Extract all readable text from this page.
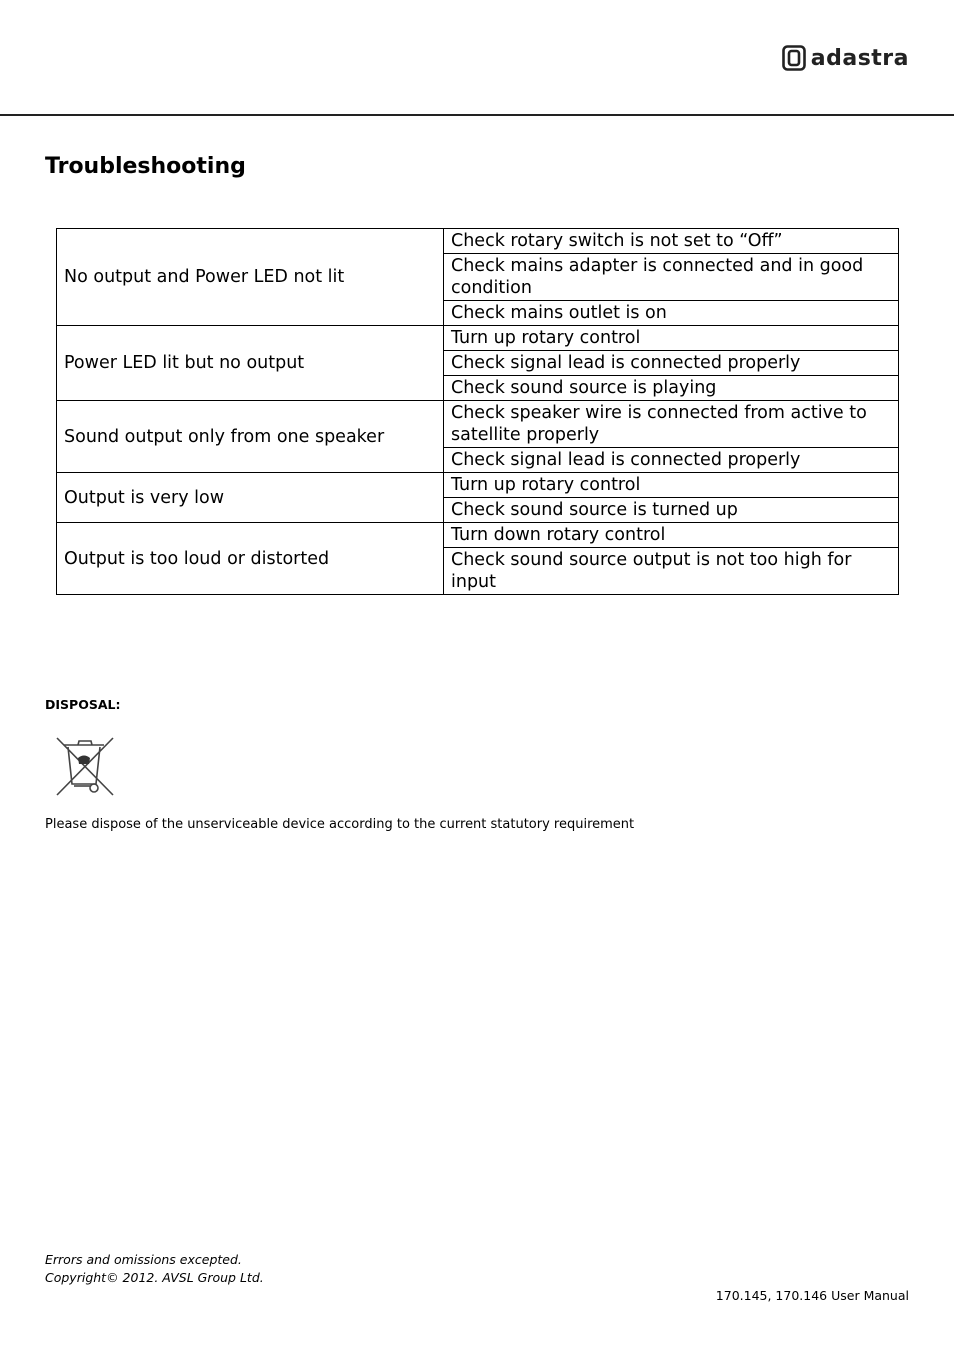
adastra
Troubleshooting
No output and Power LED not lit	Check rotary switch is not set to “Off”
	Check mains adapter is connected and in good condition
	Check mains outlet is on
Power LED lit but no output	Turn up rotary control
	Check signal lead is connected properly
	Check sound source is playing
Sound output only from one speaker	Check speaker wire is connected from active to satellite properly
	Check signal lead is connected properly
Output is very low	Turn up rotary control
	Check sound source is turned up
Output is too loud or distorted	Turn down rotary control
	Check sound source output is not too high for input

DISPOSAL:

Please dispose of the unserviceable device according to the current statutory requirement

Errors and omissions excepted.
Copyright© 2012. AVSL Group Ltd.
170.145, 170.146 User Manual
